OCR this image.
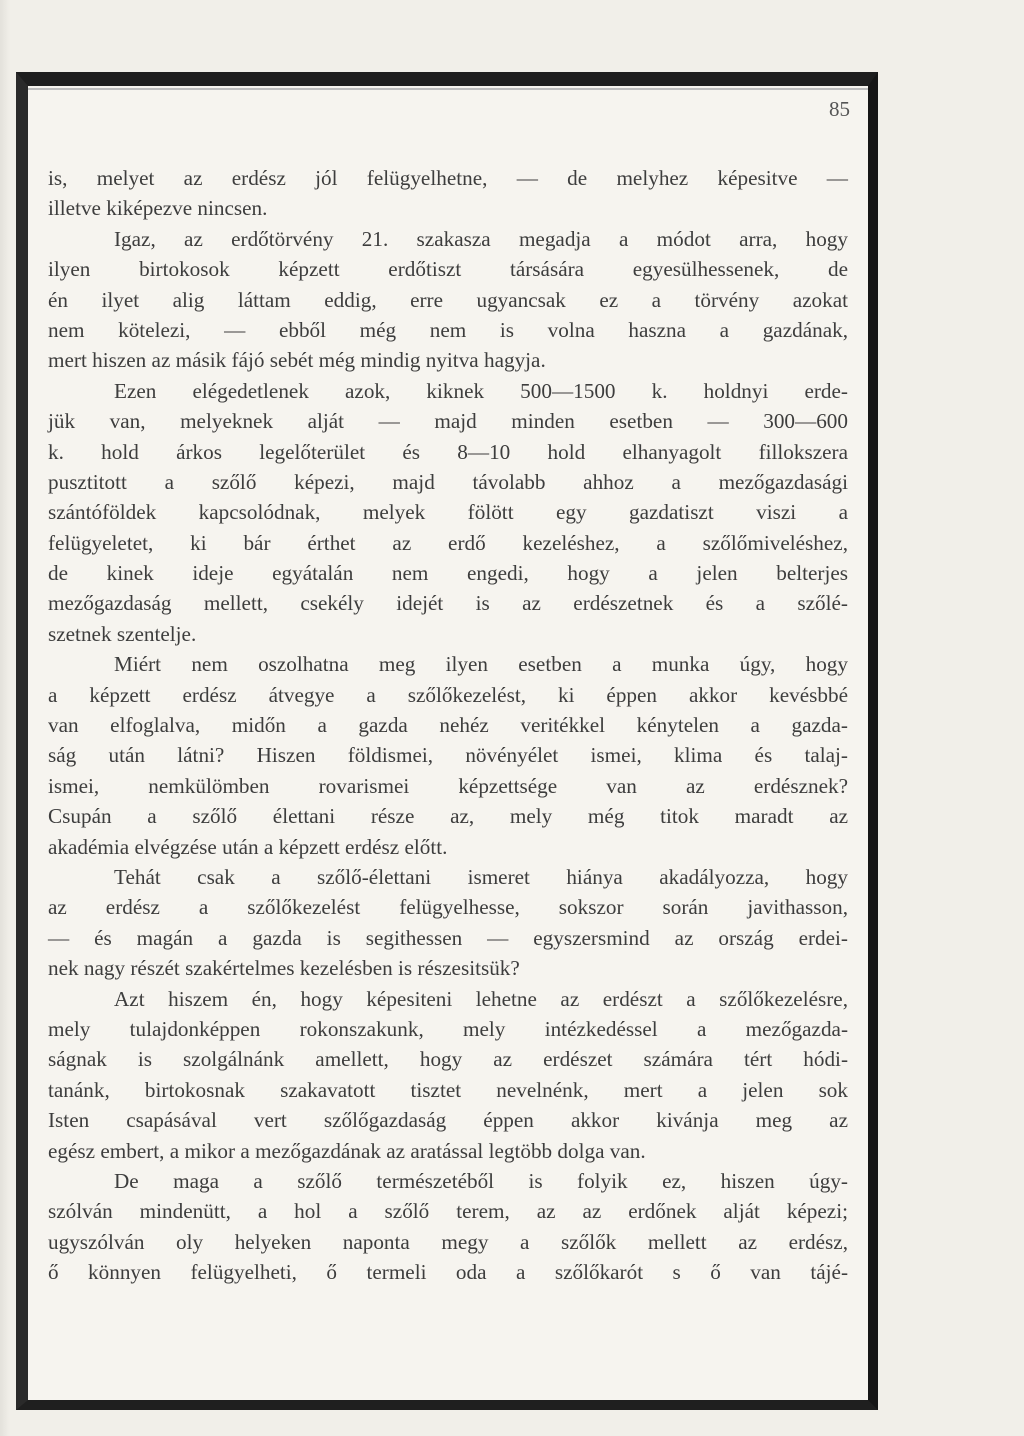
85
is, melyet az erdész jól felügyelhetne, — de melyhez képesitve —
illetve kiképezve nincsen.
Igaz, az erdőtörvény 21. szakasza megadja a módot arra, hogy
ilyen birtokosok képzett erdőtiszt társására egyesülhessenek, de
én ilyet alig láttam eddig, erre ugyancsak ez a törvény azokat
nem kötelezi, — ebből még nem is volna haszna a gazdának,
mert hiszen az másik fájó sebét még mindig nyitva hagyja.
Ezen elégedetlenek azok, kiknek 500—1500 k. holdnyi erde-
jük van, melyeknek alját — majd minden esetben — 300—600
k. hold árkos legelőterület és 8—10 hold elhanyagolt fillokszera
pusztitott a szőlő képezi, majd távolabb ahhoz a mezőgazdasági
szántóföldek kapcsolódnak, melyek fölött egy gazdatiszt viszi a
felügyeletet, ki bár érthet az erdő kezeléshez, a szőlőmiveléshez,
de kinek ideje egyátalán nem engedi, hogy a jelen belterjes
mezőgazdaság mellett, csekély idejét is az erdészetnek és a szőlé-
szetnek szentelje.
Miért nem oszolhatna meg ilyen esetben a munka úgy, hogy
a képzett erdész átvegye a szőlőkezelést, ki éppen akkor kevésbbé
van elfoglalva, midőn a gazda nehéz veritékkel kénytelen a gazda-
ság után látni? Hiszen földismei, növényélet ismei, klima és talaj-
ismei, nemkülömben rovarismei képzettsége van az erdésznek?
Csupán a szőlő élettani része az, mely még titok maradt az
akadémia elvégzése után a képzett erdész előtt.
Tehát csak a szőlő-élettani ismeret hiánya akadályozza, hogy
az erdész a szőlőkezelést felügyelhesse, sokszor során javithasson,
— és magán a gazda is segithessen — egyszersmind az ország erdei-
nek nagy részét szakértelmes kezelésben is részesitsük?
Azt hiszem én, hogy képesiteni lehetne az erdészt a szőlőkezelésre,
mely tulajdonképpen rokonszakunk, mely intézkedéssel a mezőgazda-
ságnak is szolgálnánk amellett, hogy az erdészet számára tért hódi-
tanánk, birtokosnak szakavatott tisztet nevelnénk, mert a jelen sok
Isten csapásával vert szőlőgazdaság éppen akkor kivánja meg az
egész embert, a mikor a mezőgazdának az aratással legtöbb dolga van.
De maga a szőlő természetéből is folyik ez, hiszen úgy-
szólván mindenütt, a hol a szőlő terem, az az erdőnek alját képezi;
ugyszólván oly helyeken naponta megy a szőlők mellett az erdész,
ő könnyen felügyelheti, ő termeli oda a szőlőkarót s ő van tájé-
